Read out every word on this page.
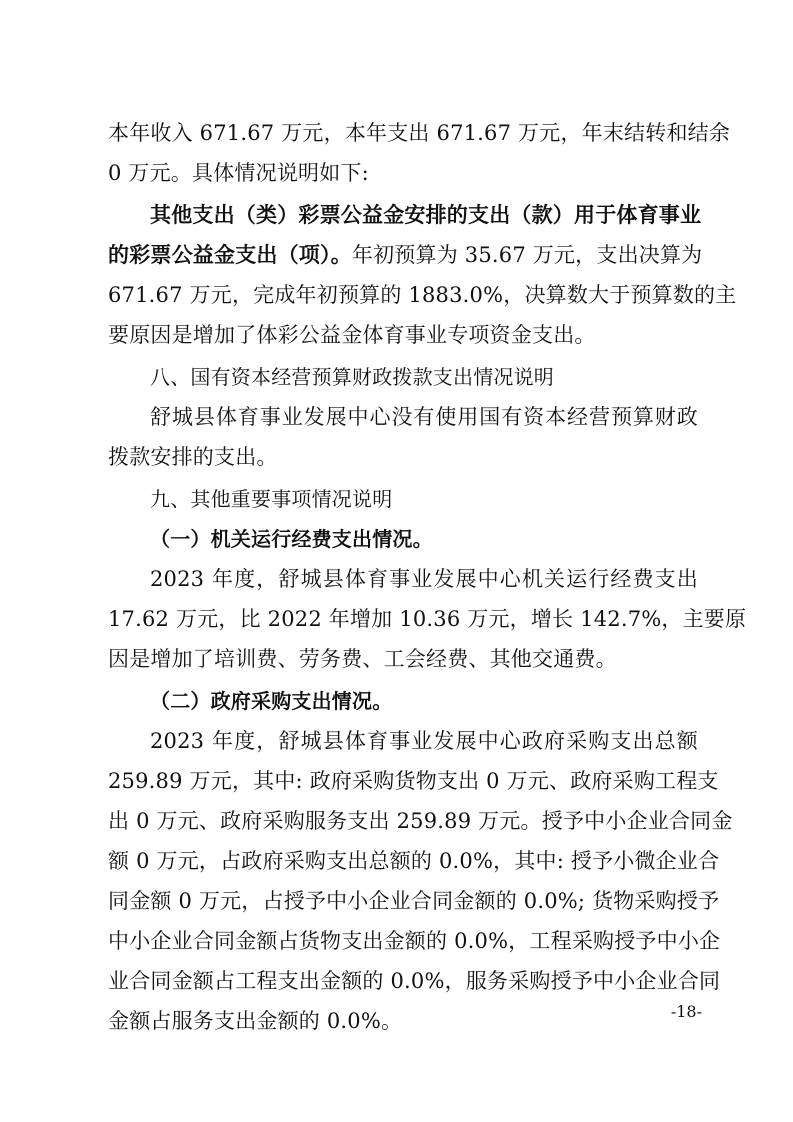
本年收入 671.67 万元，本年支出 671.67 万元，年末结转和结余
0 万元。具体情况说明如下:
其他支出（类）彩票公益金安排的支出（款）用于体育事业
的彩票公益金支出（项）。年初预算为 35.67 万元，支出决算为
671.67 万元，完成年初预算的 1883.0%，决算数大于预算数的主
要原因是增加了体彩公益金体育事业专项资金支出。
八、国有资本经营预算财政拨款支出情况说明
舒城县体育事业发展中心没有使用国有资本经营预算财政
拨款安排的支出。
九、其他重要事项情况说明
（一）机关运行经费支出情况。
2023 年度，舒城县体育事业发展中心机关运行经费支出
17.62 万元，比 2022 年增加 10.36 万元，增长 142.7%，主要原
因是增加了培训费、劳务费、工会经费、其他交通费。
（二）政府采购支出情况。
2023 年度，舒城县体育事业发展中心政府采购支出总额
259.89 万元，其中: 政府采购货物支出 0 万元、政府采购工程支
出 0 万元、政府采购服务支出 259.89 万元。授予中小企业合同金
额 0 万元，占政府采购支出总额的 0.0%，其中: 授予小微企业合
同金额 0 万元，占授予中小企业合同金额的 0.0%; 货物采购授予
中小企业合同金额占货物支出金额的 0.0%，工程采购授予中小企
业合同金额占工程支出金额的 0.0%，服务采购授予中小企业合同
金额占服务支出金额的 0.0%。	-18-
